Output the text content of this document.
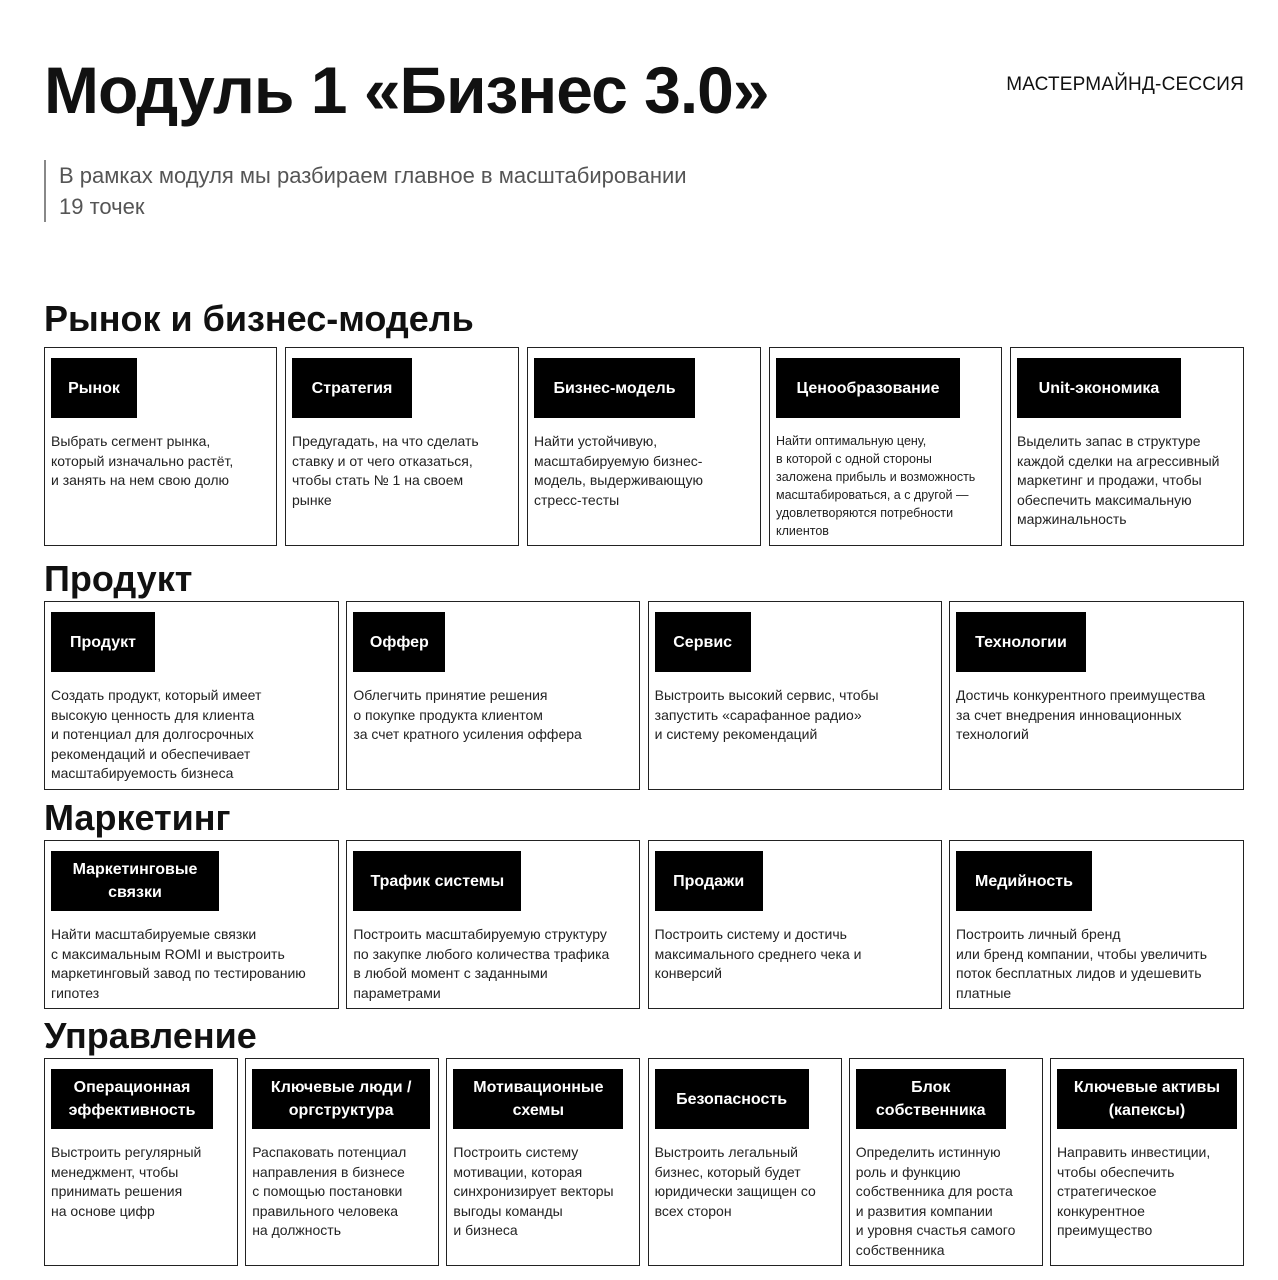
Модуль 1 «Бизнес 3.0»	МАСТЕРМАЙНД-СЕССИЯ
В рамках модуля мы разбираем главное в масштабировании
19 точек
Рынок и бизнес-модель
Рынок
Выбрать сегмент рынка,
который изначально растёт,
и занять на нем свою долю
Стратегия
Предугадать, на что сделать
ставку и от чего отказаться,
чтобы стать № 1 на своем
рынке
Бизнес-модель
Найти устойчивую,
масштабируемую бизнес-
модель, выдерживающую
стресс-тесты
Ценообразование
Найти оптимальную цену,
в которой с одной стороны
заложена прибыль и возможность
масштабироваться, а с другой —
удовлетворяются потребности
клиентов
Unit-экономика
Выделить запас в структуре
каждой сделки на агрессивный
маркетинг и продажи, чтобы
обеспечить максимальную
маржинальность
Продукт
Продукт
Создать продукт, который имеет
высокую ценность для клиента
и потенциал для долгосрочных
рекомендаций и обеспечивает
масштабируемость бизнеса
Оффер
Облегчить принятие решения
о покупке продукта клиентом
за счет кратного усиления оффера
Сервис
Выстроить высокий сервис, чтобы
запустить «сарафанное радио»
и систему рекомендаций
Технологии
Достичь конкурентного преимущества
за счет внедрения инновационных
технологий
Маркетинг
Маркетинговые
связки
Найти масштабируемые связки
с максимальным ROMI и выстроить
маркетинговый завод по тестированию
гипотез
Трафик системы
Построить масштабируемую структуру
по закупке любого количества трафика
в любой момент с заданными
параметрами
Продажи
Построить систему и достичь
максимального среднего чека и
конверсий
Медийность
Построить личный бренд
или бренд компании, чтобы увеличить
поток бесплатных лидов и удешевить
платные
Управление
Операционная
эффективность
Выстроить регулярный
менеджмент, чтобы
принимать решения
на основе цифр
Ключевые люди /
оргструктура
Распаковать потенциал
направления в бизнесе
с помощью постановки
правильного человека
на должность
Мотивационные
схемы
Построить систему
мотивации, которая
синхронизирует векторы
выгоды команды
и бизнеса
Безопасность
Выстроить легальный
бизнес, который будет
юридически защищен со
всех сторон
Блок
собственника
Определить истинную
роль и функцию
собственника для роста
и развития компании
и уровня счастья самого
собственника
Ключевые активы
(капексы)
Направить инвестиции,
чтобы обеспечить
стратегическое
конкурентное
преимущество
